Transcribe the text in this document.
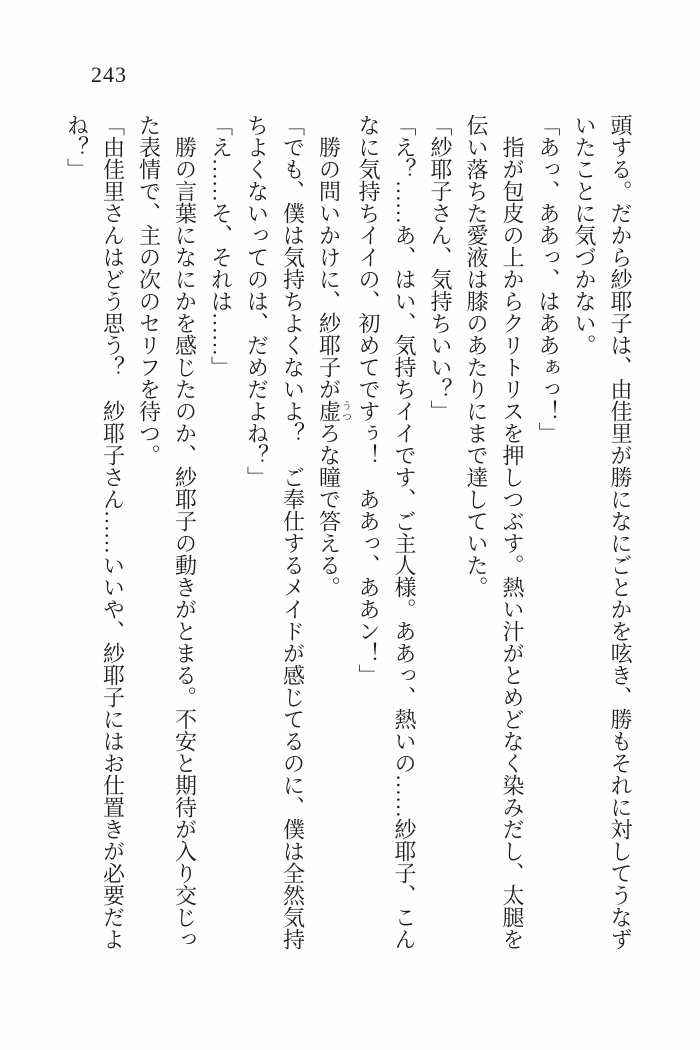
243

頭する。だから紗耶子は、由佳里が勝になにごとかを呟き、勝もそれに対してうなずいたことに気づかない。

「あっ、ああっ、はああぁっ！」

指が包皮の上からクリトリスを押しつぶす。熱い汁がとめどなく染みだし、太腿を伝い落ちた愛液は膝のあたりにまで達していた。

「紗耶子さん、気持ちいい？」

「え？……あ、はい、気持ちイイです、ご主人様。ああっ、熱いの……紗耶子、こんなに気持ちイイの、初めてですぅ！　ああっ、ああン！」

勝の問いかけに、紗耶子が虚うつろな瞳で答える。

「でも、僕は気持ちよくないよ？　ご奉仕するメイドが感じてるのに、僕は全然気持ちよくないってのは、だめだよね？」

「え……そ、それは……」

勝の言葉になにかを感じたのか、紗耶子の動きがとまる。不安と期待が入り交じった表情で、主の次のセリフを待つ。

「由佳里さんはどう思う？　紗耶子さん……いいや、紗耶子にはお仕置きが必要だよね？」
